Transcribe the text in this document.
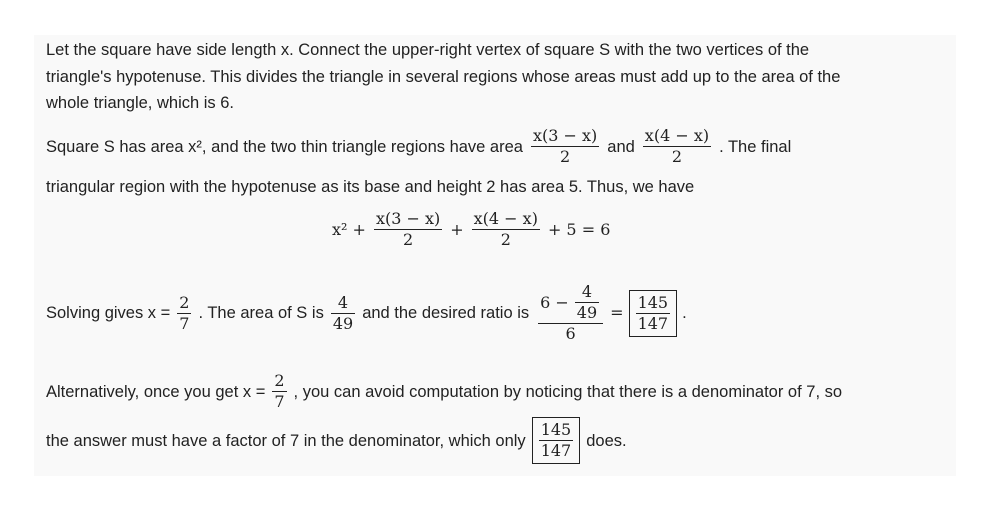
Let the square have side length x. Connect the upper-right vertex of square S with the two vertices of the
triangle's hypotenuse. This divides the triangle in several regions whose areas must add up to the area of the
whole triangle, which is 6.
Square S has area x², and the two thin triangle regions have area $\frac{x(3 - x)}{2}$ and $\frac{x(4 - x)}{2}$ . The final
triangular region with the hypotenuse as its base and height 2 has area 5. Thus, we have
$x^2 + \frac{x(3 - x)}{2} + \frac{x(4 - x)}{2} + 5 = 6$
Solving gives $x = \frac{2}{7}$ . The area of S is $\frac{4}{49}$ and the desired ratio is $\frac{6 - \frac{4}{49}}{6} = \frac{145}{147}$ .
Alternatively, once you get $x = \frac{2}{7}$ , you can avoid computation by noticing that there is a denominator of 7, so
the answer must have a factor of 7 in the denominator, which only $\frac{145}{147}$ does.
